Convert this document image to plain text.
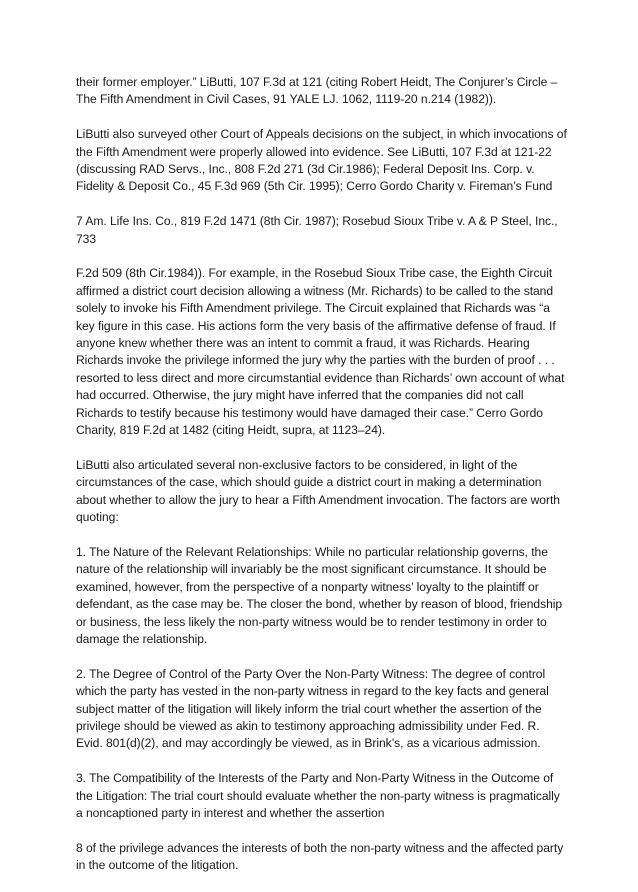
their former employer.” LiButti, 107 F.3d at 121 (citing Robert Heidt, The Conjurer’s Circle – The Fifth Amendment in Civil Cases, 91 YALE LJ. 1062, 1119-20 n.214 (1982)).

LiButti also surveyed other Court of Appeals decisions on the subject, in which invocations of the Fifth Amendment were properly allowed into evidence. See LiButti, 107 F.3d at 121-22 (discussing RAD Servs., Inc., 808 F.2d 271 (3d Cir.1986); Federal Deposit Ins. Corp. v. Fidelity & Deposit Co., 45 F.3d 969 (5th Cir. 1995); Cerro Gordo Charity v. Fireman’s Fund

7 Am. Life Ins. Co., 819 F.2d 1471 (8th Cir. 1987); Rosebud Sioux Tribe v. A & P Steel, Inc., 733

F.2d 509 (8th Cir.1984)). For example, in the Rosebud Sioux Tribe case, the Eighth Circuit affirmed a district court decision allowing a witness (Mr. Richards) to be called to the stand solely to invoke his Fifth Amendment privilege. The Circuit explained that Richards was “a key figure in this case. His actions form the very basis of the affirmative defense of fraud. If anyone knew whether there was an intent to commit a fraud, it was Richards. Hearing Richards invoke the privilege informed the jury why the parties with the burden of proof . . . resorted to less direct and more circumstantial evidence than Richards’ own account of what had occurred. Otherwise, the jury might have inferred that the companies did not call Richards to testify because his testimony would have damaged their case.” Cerro Gordo Charity, 819 F.2d at 1482 (citing Heidt, supra, at 1123–24).

LiButti also articulated several non-exclusive factors to be considered, in light of the circumstances of the case, which should guide a district court in making a determination about whether to allow the jury to hear a Fifth Amendment invocation. The factors are worth quoting:

1. The Nature of the Relevant Relationships: While no particular relationship governs, the nature of the relationship will invariably be the most significant circumstance. It should be examined, however, from the perspective of a nonparty witness’ loyalty to the plaintiff or defendant, as the case may be. The closer the bond, whether by reason of blood, friendship or business, the less likely the non-party witness would be to render testimony in order to damage the relationship.

2. The Degree of Control of the Party Over the Non-Party Witness: The degree of control which the party has vested in the non-party witness in regard to the key facts and general subject matter of the litigation will likely inform the trial court whether the assertion of the privilege should be viewed as akin to testimony approaching admissibility under Fed. R. Evid. 801(d)(2), and may accordingly be viewed, as in Brink’s, as a vicarious admission.

3. The Compatibility of the Interests of the Party and Non-Party Witness in the Outcome of the Litigation: The trial court should evaluate whether the non-party witness is pragmatically a noncaptioned party in interest and whether the assertion

8 of the privilege advances the interests of both the non-party witness and the affected party in the outcome of the litigation.
